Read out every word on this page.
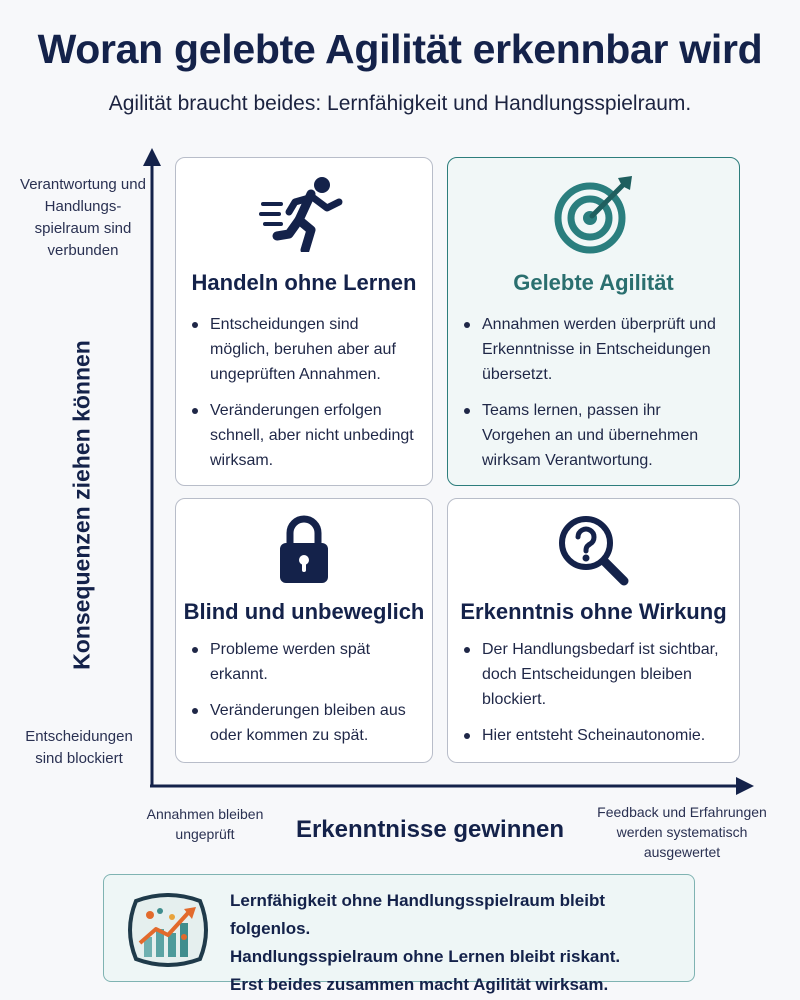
Woran gelebte Agilität erkennbar wird
Agilität braucht beides: Lernfähigkeit und Handlungsspielraum.
Verantwortung und Handlungs-spielraum sind verbunden
Entscheidungen sind blockiert
Konsequenzen ziehen können
Annahmen bleiben ungeprüft	Erkenntnisse gewinnen
Feedback und Erfahrungen werden systematisch ausgewertet
Handeln ohne Lernen
Entscheidungen sind möglich, beruhen aber auf ungeprüften Annahmen.
Veränderungen erfolgen schnell, aber nicht unbedingt wirksam.
Gelebte Agilität
Annahmen werden überprüft und Erkenntnisse in Entscheidungen übersetzt.
Teams lernen, passen ihr Vorgehen an und übernehmen wirksam Verantwortung.
Blind und unbeweglich
Probleme werden spät erkannt.
Veränderungen bleiben aus oder kommen zu spät.
Erkenntnis ohne Wirkung
Der Handlungsbedarf ist sichtbar, doch Entscheidungen bleiben blockiert.
Hier entsteht Scheinautonomie.
Lernfähigkeit ohne Handlungsspielraum bleibt folgenlos.
Handlungsspielraum ohne Lernen bleibt riskant.
Erst beides zusammen macht Agilität wirksam.
